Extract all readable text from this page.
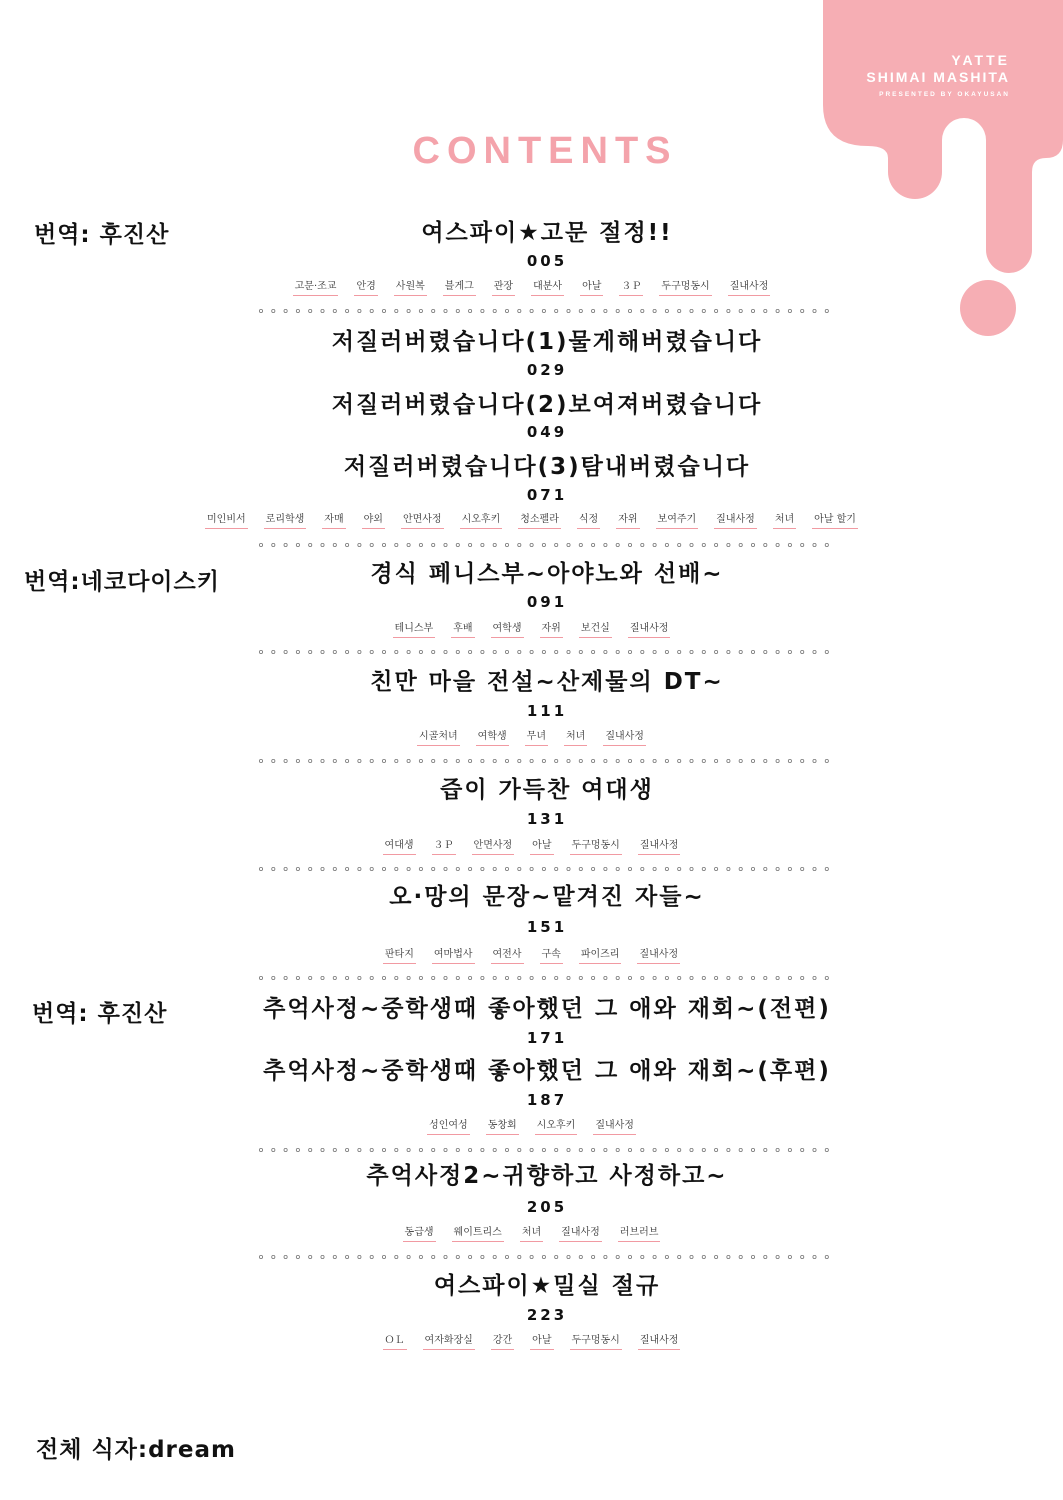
YATTE
SHIMAI MASHITA
PRESENTED BY OKAYUSAN
CONTENTS
번역: 후진산
번역:네코다이스키
번역: 후진산
전체 식자:dream
여스파이★고문 절정!!
005
고문·조교 안경 사원복 블게그 관장 대분사 아날 ３Ｐ 두구멍동시 질내사정
저질러버렸습니다(1)물게해버렸습니다
029
저질러버렸습니다(2)보여져버렸습니다
049
저질러버렸습니다(3)탐내버렸습니다
071
미인비서 로리학생 자매 야외 안면사정 시오후키 청소펠라 식정 자위 보여주기 질내사정 처녀 아날 할기
경식 페니스부~아야노와 선배~
091
테니스부 후배 여학생 자위 보건실 질내사정
친만 마을 전설~산제물의 DT~
111
시골처녀 여학생 무녀 처녀 질내사정
즙이 가득찬 여대생
131
여대생 ３Ｐ 안면사정 아날 두구멍동시 질내사정
오·망의 문장~맡겨진 자들~
151
판타지 여마법사 여전사 구속 파이즈리 질내사정
추억사정~중학생때 좋아했던 그 애와 재회~(전편)
171
추억사정~중학생때 좋아했던 그 애와 재회~(후편)
187
성인여성 동창회 시오후키 질내사정
추억사정2~귀향하고 사정하고~
205
동급생 웨이트리스 처녀 질내사정 러브러브
여스파이★밀실 절규
223
ＯＬ 여자화장실 강간 아날 두구멍동시 질내사정
